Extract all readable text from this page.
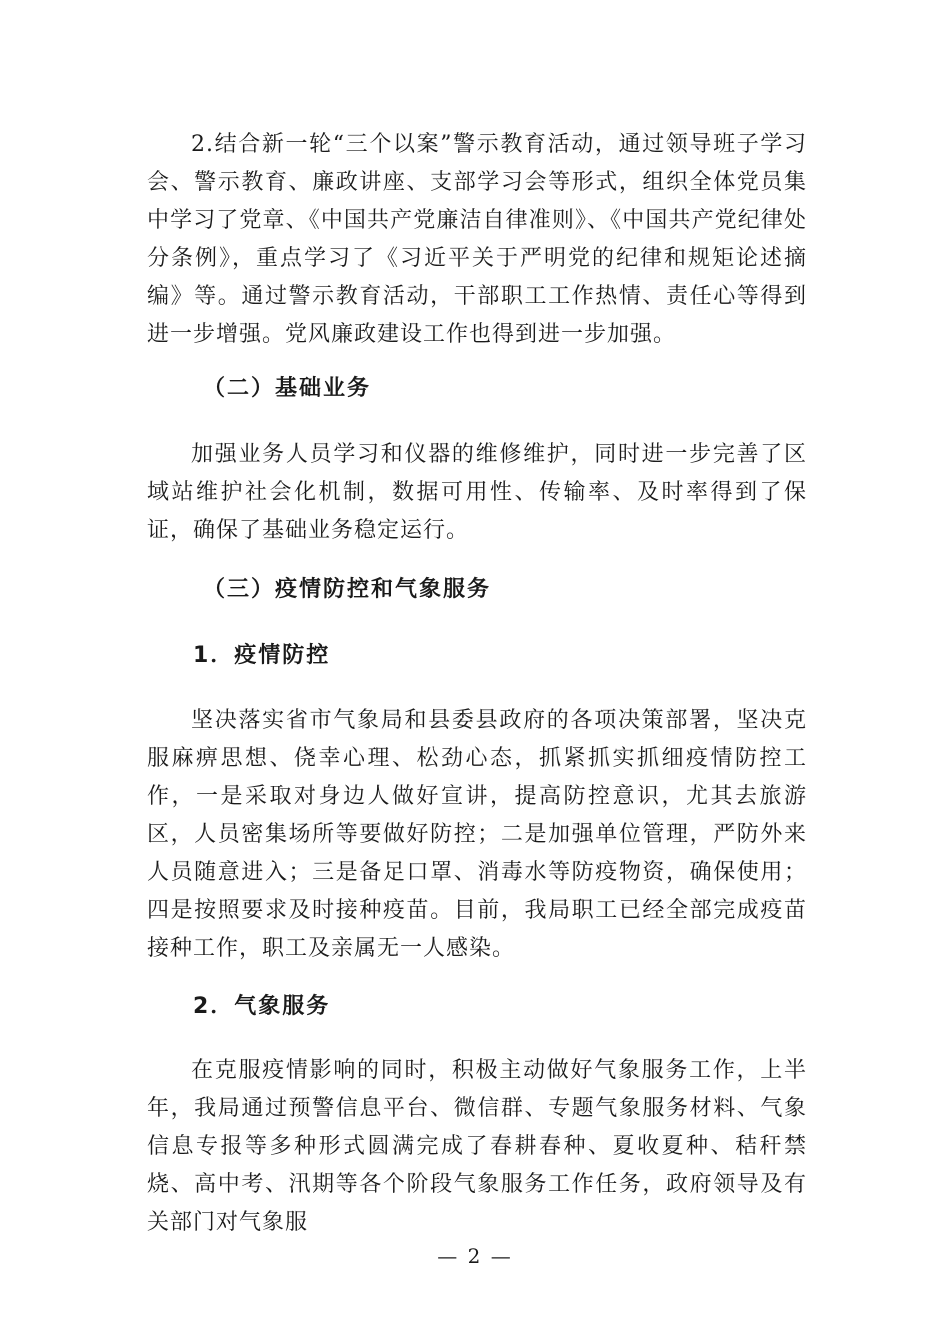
2.结合新一轮“三个以案”警示教育活动，通过领导班子学习会、警示教育、廉政讲座、支部学习会等形式，组织全体党员集中学习了党章、《中国共产党廉洁自律准则》、《中国共产党纪律处分条例》，重点学习了《习近平关于严明党的纪律和规矩论述摘编》等。通过警示教育活动，干部职工工作热情、责任心等得到进一步增强。党风廉政建设工作也得到进一步加强。

（二）基础业务

加强业务人员学习和仪器的维修维护，同时进一步完善了区域站维护社会化机制，数据可用性、传输率、及时率得到了保证，确保了基础业务稳定运行。

（三）疫情防控和气象服务
1．疫情防控

坚决落实省市气象局和县委县政府的各项决策部署，坚决克服麻痹思想、侥幸心理、松劲心态，抓紧抓实抓细疫情防控工作，一是采取对身边人做好宣讲，提高防控意识，尤其去旅游区，人员密集场所等要做好防控；二是加强单位管理，严防外来人员随意进入；三是备足口罩、消毒水等防疫物资，确保使用；四是按照要求及时接种疫苗。目前，我局职工已经全部完成疫苗接种工作，职工及亲属无一人感染。

2．气象服务

在克服疫情影响的同时，积极主动做好气象服务工作，上半年，我局通过预警信息平台、微信群、专题气象服务材料、气象信息专报等多种形式圆满完成了春耕春种、夏收夏种、秸秆禁烧、高中考、汛期等各个阶段气象服务工作任务，政府领导及有关部门对气象服

— 2 —
